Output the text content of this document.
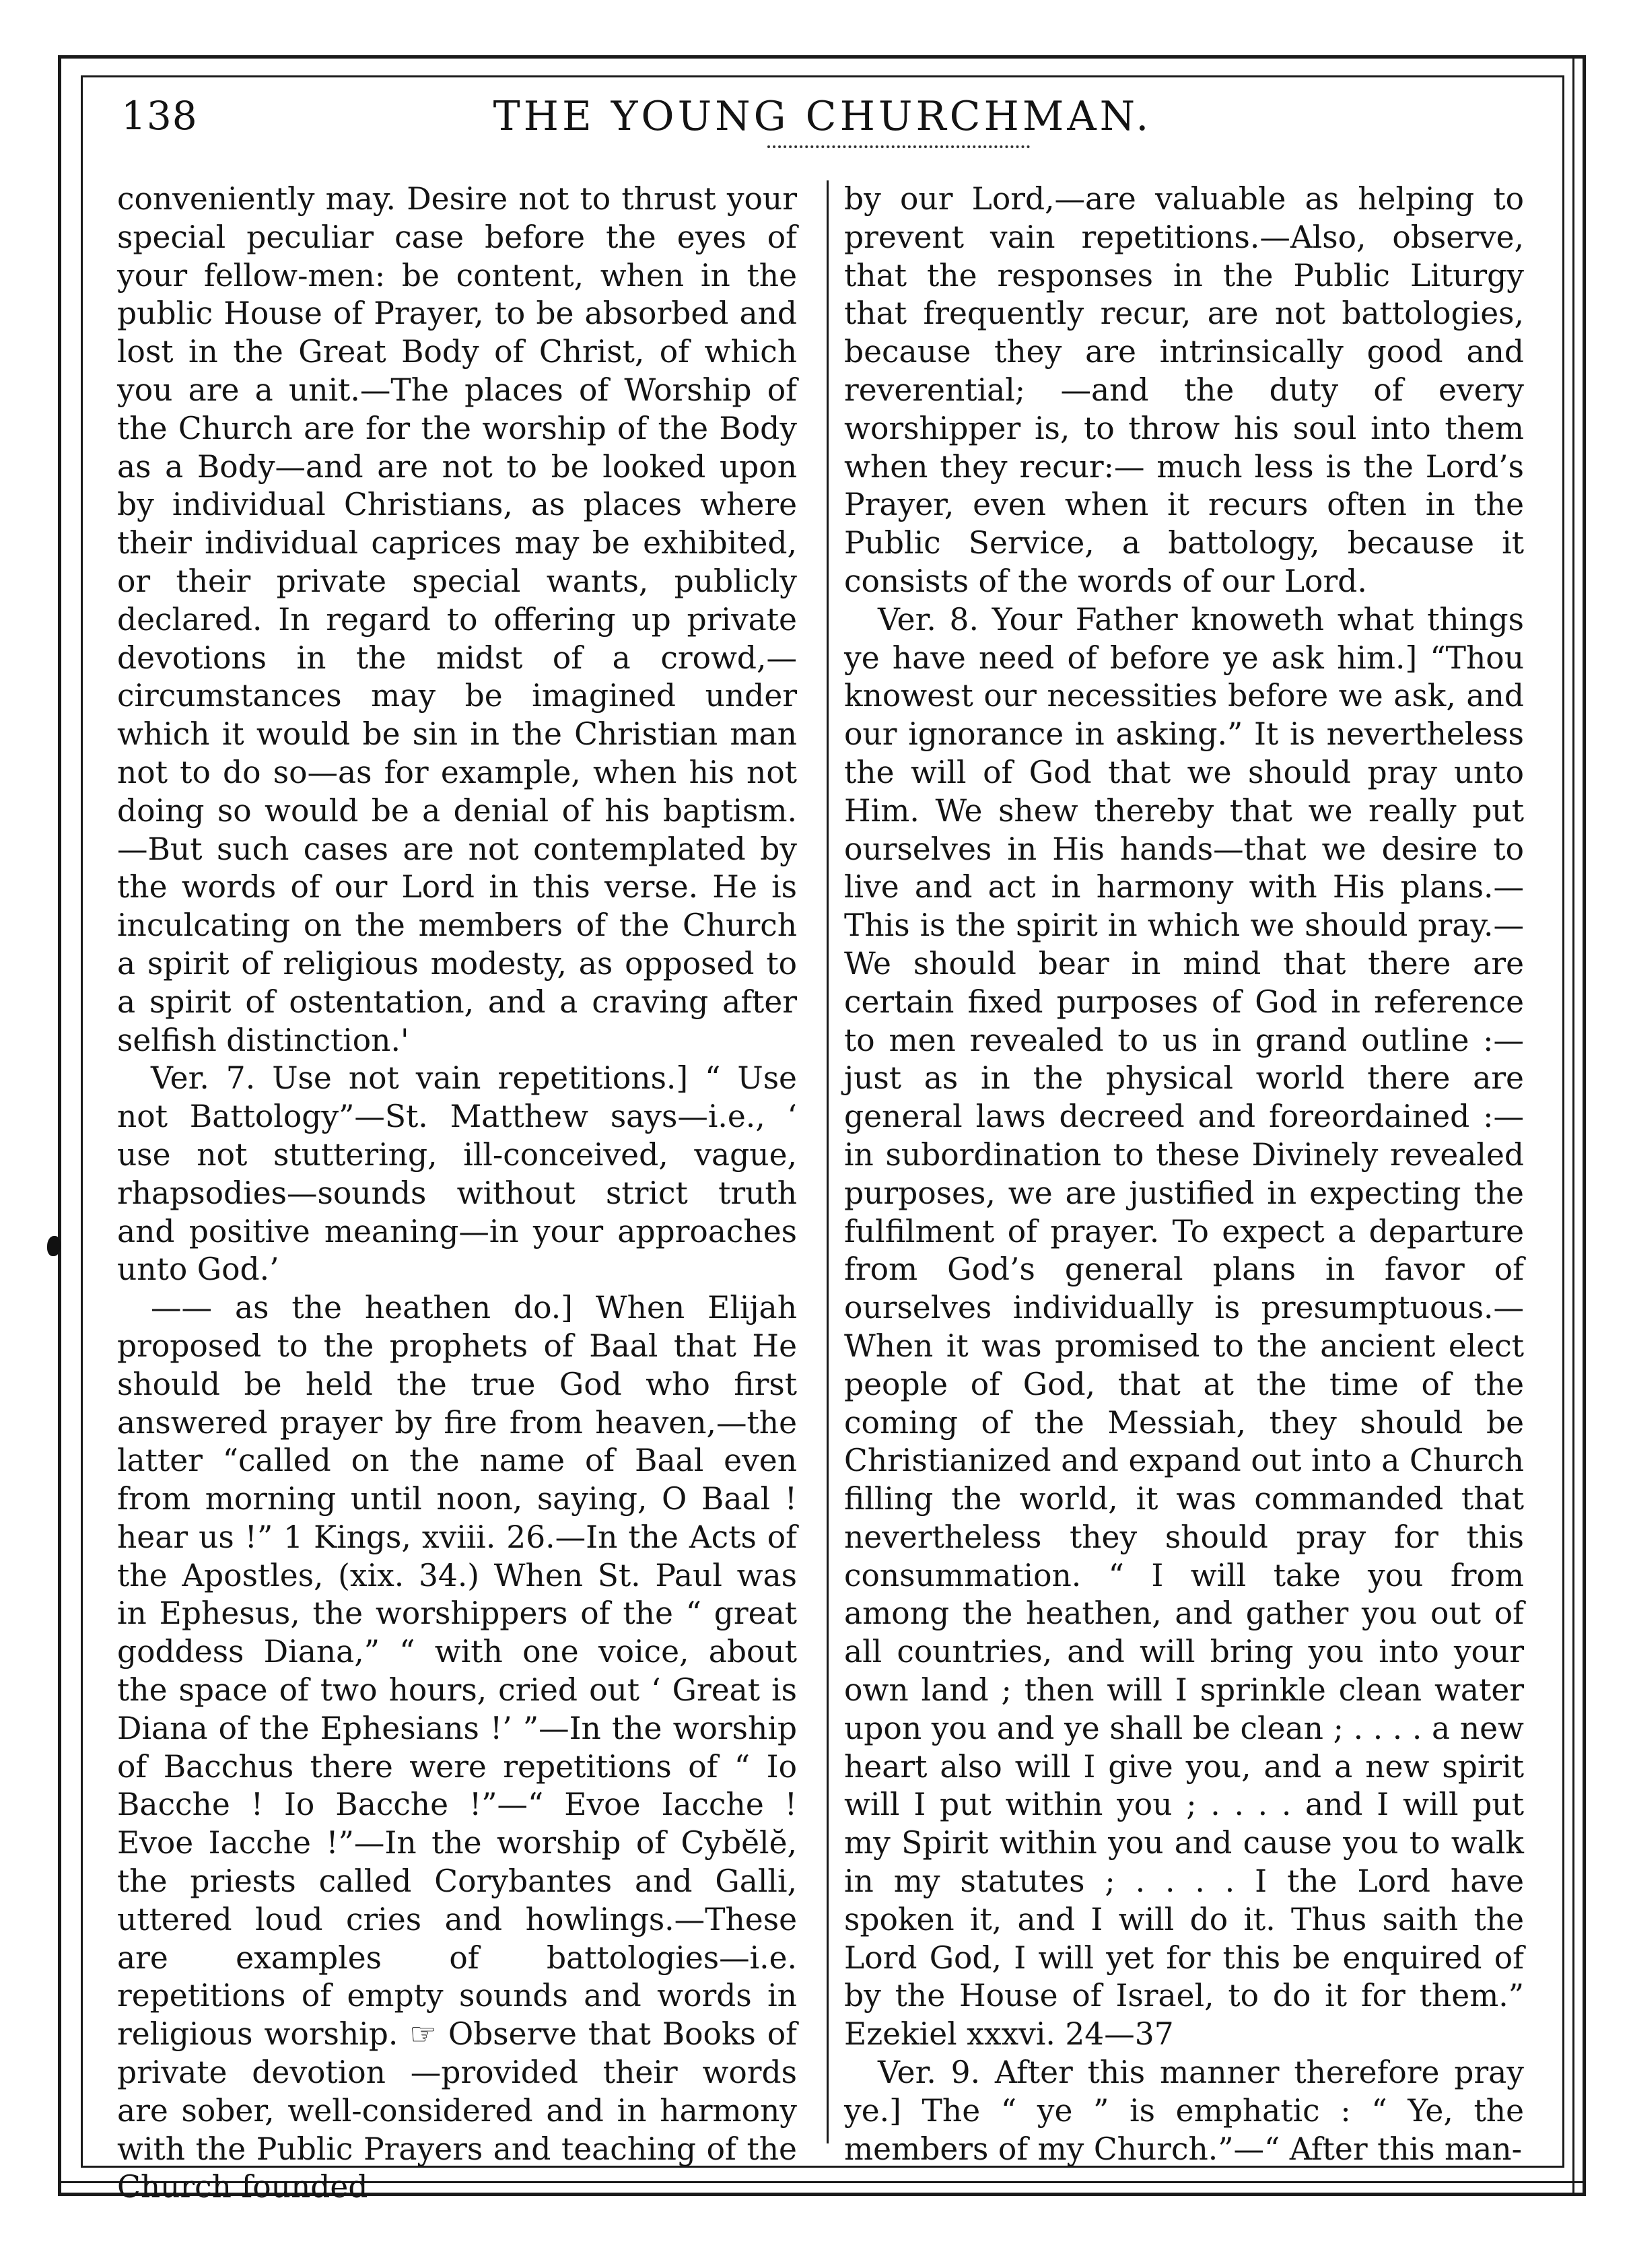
138	THE YOUNG CHURCHMAN.

conveniently may. Desire not to thrust your special peculiar case before the eyes of your fellow-men: be content, when in the public House of Prayer, to be absorbed and lost in the Great Body of Christ, of which you are a unit.—The places of Worship of the Church are for the worship of the Body as a Body—and are not to be looked upon by individual Christians, as places where their individual caprices may be exhibited, or their private special wants, publicly declared. In regard to offering up private devotions in the midst of a crowd,—circumstances may be imagined under which it would be sin in the Christian man not to do so—as for example, when his not doing so would be a denial of his baptism.—But such cases are not contemplated by the words of our Lord in this verse. He is inculcating on the members of the Church a spirit of religious modesty, as opposed to a spirit of ostentation, and a craving after selfish distinction.'

Ver. 7. Use not vain repetitions.] “ Use not Battology”—St. Matthew says—i.e., ‘ use not stuttering, ill-conceived, vague, rhapsodies—sounds without strict truth and positive meaning—in your approaches unto God.’

—— as the heathen do.] When Elijah proposed to the prophets of Baal that He should be held the true God who first answered prayer by fire from heaven,—the latter “called on the name of Baal even from morning until noon, saying, O Baal ! hear us !” 1 Kings, xviii. 26.—In the Acts of the Apostles, (xix. 34.) When St. Paul was in Ephesus, the worshippers of the “ great goddess Diana,” “ with one voice, about the space of two hours, cried out ‘ Great is Diana of the Ephesians !’ ”—In the worship of Bacchus there were repetitions of “ Io Bacche ! Io Bacche !”—“ Evoe Iacche ! Evoe Iacche !”—In the worship of Cybĕlĕ, the priests called Corybantes and Galli, uttered loud cries and howlings.—These are examples of battologies—i.e. repetitions of empty sounds and words in religious worship. ☞ Observe that Books of private devotion —provided their words are sober, well-considered and in harmony with the Public Prayers and teaching of the Church founded

by our Lord,—are valuable as helping to prevent vain repetitions.—Also, observe, that the responses in the Public Liturgy that frequently recur, are not battologies, because they are intrinsically good and reverential; —and the duty of every worshipper is, to throw his soul into them when they recur:— much less is the Lord’s Prayer, even when it recurs often in the Public Service, a battology, because it consists of the words of our Lord.

Ver. 8. Your Father knoweth what things ye have need of before ye ask him.] “Thou knowest our necessities before we ask, and our ignorance in asking.” It is nevertheless the will of God that we should pray unto Him. We shew thereby that we really put ourselves in His hands—that we desire to live and act in harmony with His plans.—This is the spirit in which we should pray.—We should bear in mind that there are certain fixed purposes of God in reference to men revealed to us in grand outline :—just as in the physical world there are general laws decreed and foreordained :—in subordination to these Divinely revealed purposes, we are justified in expecting the fulfilment of prayer. To expect a departure from God’s general plans in favor of ourselves individually is presumptuous.— When it was promised to the ancient elect people of God, that at the time of the coming of the Messiah, they should be Christianized and expand out into a Church filling the world, it was commanded that nevertheless they should pray for this consummation. “ I will take you from among the heathen, and gather you out of all countries, and will bring you into your own land ; then will I sprinkle clean water upon you and ye shall be clean ; . . . . a new heart also will I give you, and a new spirit will I put within you ; . . . . and I will put my Spirit within you and cause you to walk in my statutes ; . . . . I the Lord have spoken it, and I will do it. Thus saith the Lord God, I will yet for this be enquired of by the House of Israel, to do it for them.” Ezekiel xxxvi. 24—37

Ver. 9. After this manner therefore pray ye.] The “ ye ” is emphatic : “ Ye, the members of my Church.”—“ After this man-
